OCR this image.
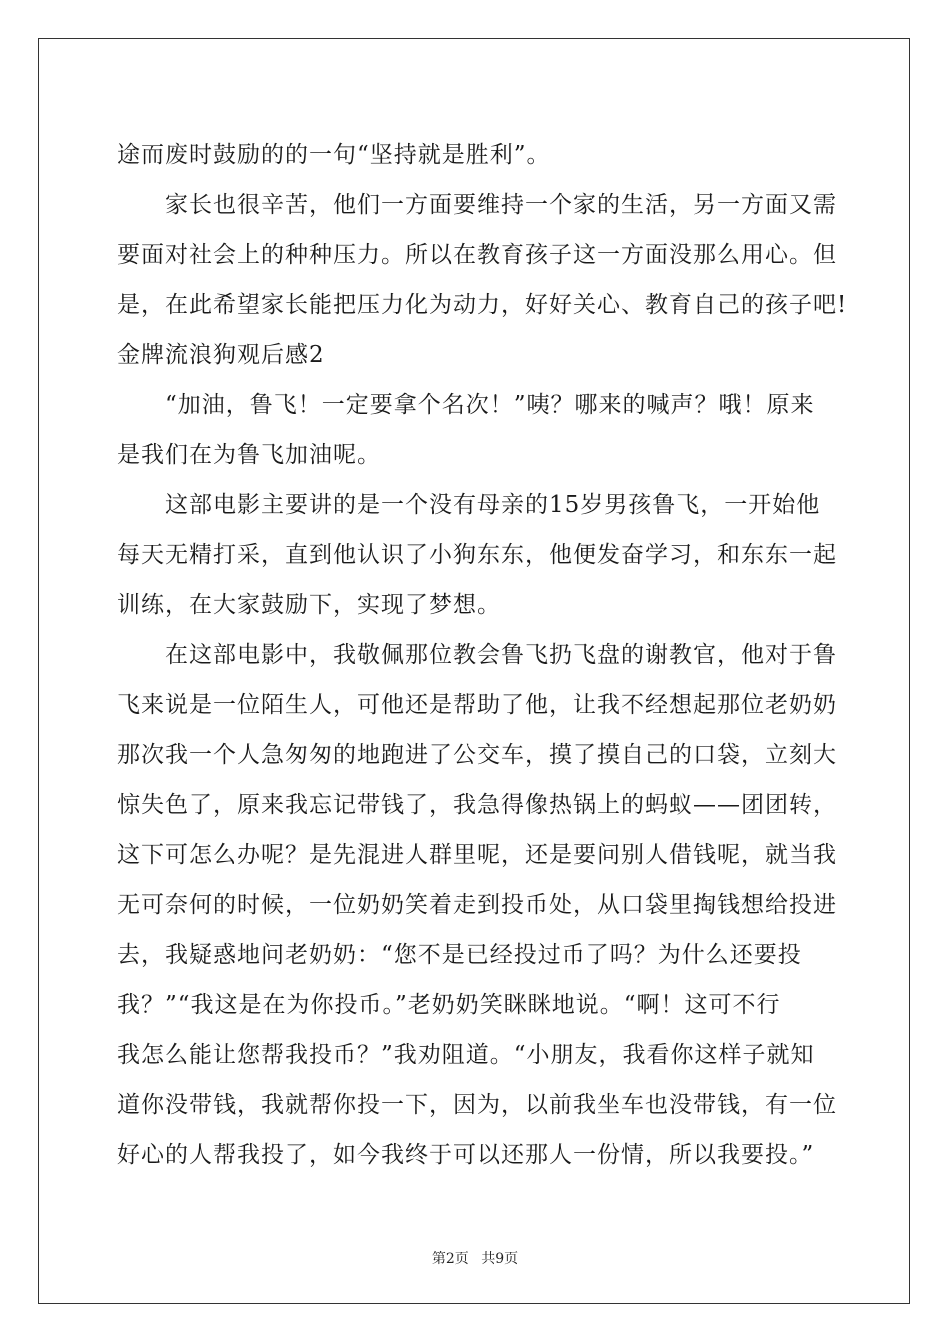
途而废时鼓励的的一句“坚持就是胜利”。
家长也很辛苦，他们一方面要维持一个家的生活，另一方面又需
要面对社会上的种种压力。所以在教育孩子这一方面没那么用心。但
是，在此希望家长能把压力化为动力，好好关心、教育自己的孩子吧!
金牌流浪狗观后感2
“加油，鲁飞！一定要拿个名次！”咦？哪来的喊声？哦！原来
是我们在为鲁飞加油呢。
这部电影主要讲的是一个没有母亲的15岁男孩鲁飞，一开始他
每天无精打采，直到他认识了小狗东东，他便发奋学习，和东东一起
训练，在大家鼓励下，实现了梦想。
在这部电影中，我敬佩那位教会鲁飞扔飞盘的谢教官，他对于鲁
飞来说是一位陌生人，可他还是帮助了他，让我不经想起那位老奶奶
那次我一个人急匆匆的地跑进了公交车，摸了摸自己的口袋，立刻大
惊失色了，原来我忘记带钱了，我急得像热锅上的蚂蚁——团团转，
这下可怎么办呢？是先混进人群里呢，还是要问别人借钱呢，就当我
无可奈何的时候，一位奶奶笑着走到投币处，从口袋里掏钱想给投进
去，我疑惑地问老奶奶：“您不是已经投过币了吗？为什么还要投
我？”“我这是在为你投币。”老奶奶笑眯眯地说。“啊！这可不行
我怎么能让您帮我投币？”我劝阻道。“小朋友，我看你这样子就知
道你没带钱，我就帮你投一下，因为，以前我坐车也没带钱，有一位
好心的人帮我投了，如今我终于可以还那人一份情，所以我要投。”
第2页 共9页
